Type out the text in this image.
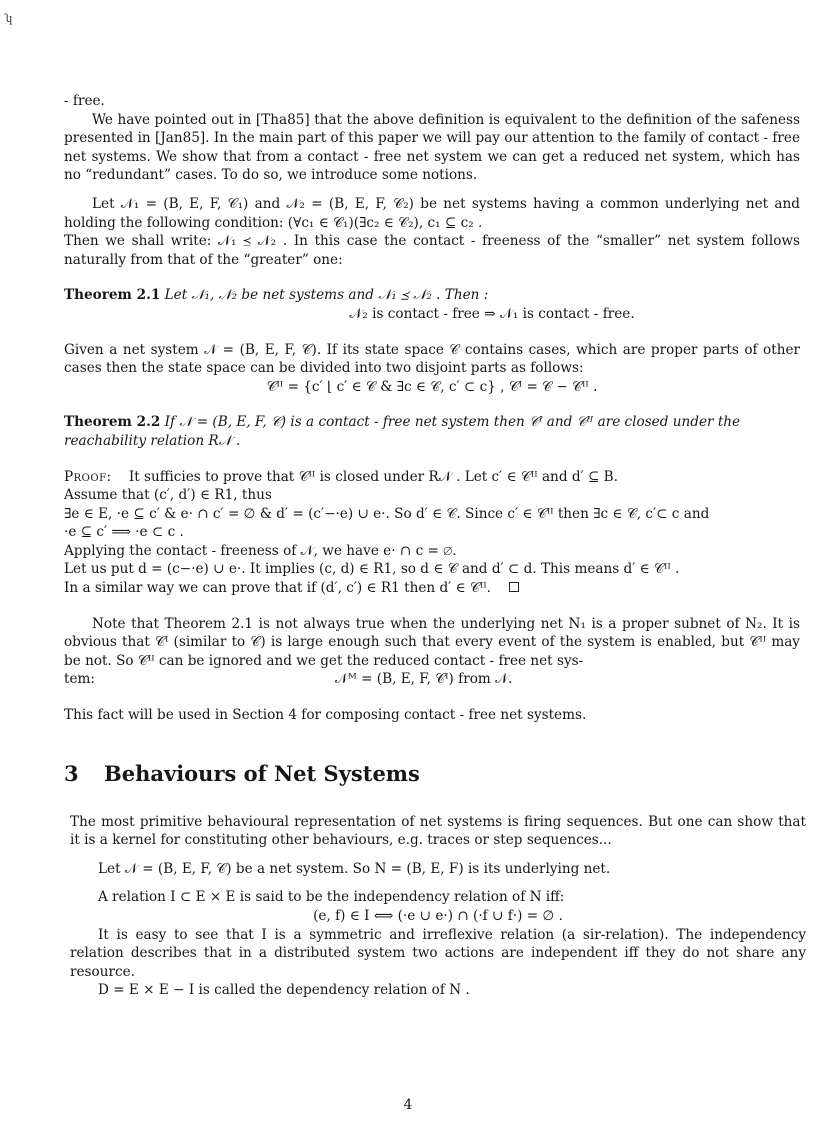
ʮ

- free.

We have pointed out in [Tha85] that the above definition is equivalent to the definition of the safeness presented in [Jan85]. In the main part of this paper we will pay our attention to the family of contact - free net systems. We show that from a contact - free net system we can get a reduced net system, which has no “redundant” cases. To do so, we introduce some notions.

Let 𝒩₁ = (B, E, F, 𝒞₁) and 𝒩₂ = (B, E, F, 𝒞₂) be net systems having a common underlying net and holding the following condition: (∀c₁ ∈ 𝒞₁)(∃c₂ ∈ 𝒞₂), c₁ ⊆ c₂ .

Then we shall write: 𝒩₁ ⪯ 𝒩₂ . In this case the contact - freeness of the “smaller” net system follows naturally from that of the “greater” one:

Theorem 2.1 Let 𝒩₁, 𝒩₂ be net systems and 𝒩₁ ⪯ 𝒩₂ . Then :

𝒩₂ is contact - free ⇒ 𝒩₁ is contact - free.

Given a net system 𝒩 = (B, E, F, 𝒞). If its state space 𝒞 contains cases, which are proper parts of other cases then the state space can be divided into two disjoint parts as follows:

𝒞ᴵᴵ = {c′ ⌊ c′ ∈ 𝒞 & ∃c ∈ 𝒞, c′ ⊂ c} , 𝒞ᴵ = 𝒞 − 𝒞ᴵᴵ .

Theorem 2.2 If 𝒩 = (B, E, F, 𝒞) is a contact - free net system then 𝒞ᴵ and 𝒞ᴵᴵ are closed under the reachability relation R𝒩 .

Proof: It sufficies to prove that 𝒞ᴵᴵ is closed under R𝒩 . Let c′ ∈ 𝒞ᴵᴵ and d′ ⊆ B.

Assume that (c′, d′) ∈ R1, thus

∃e ∈ E, ·e ⊆ c′ & e· ∩ c′ = ∅ & d′ = (c′−·e) ∪ e·. So d′ ∈ 𝒞. Since c′ ∈ 𝒞ᴵᴵ then ∃c ∈ 𝒞, c′⊂ c and

·e ⊆ c′ ⟹ ·e ⊂ c .

Applying the contact - freeness of 𝒩, we have e· ∩ c = ∅.

Let us put d = (c−·e) ∪ e·. It implies (c, d) ∈ R1, so d ∈ 𝒞 and d′ ⊂ d. This means d′ ∈ 𝒞ᴵᴵ .

In a similar way we can prove that if (d′, c′) ∈ R1 then d′ ∈ 𝒞ᴵᴵ.

Note that Theorem 2.1 is not always true when the underlying net N₁ is a proper subnet of N₂. It is obvious that 𝒞ᴵ (similar to 𝒞) is large enough such that every event of the system is enabled, but 𝒞ᴵᴵ may be not. So 𝒞ᴵᴵ can be ignored and we get the reduced contact - free net sys-

tem:	𝒩ᴹ = (B, E, F, 𝒞ᴵ) from 𝒩.

This fact will be used in Section 4 for composing contact - free net systems.

3 Behaviours of Net Systems

The most primitive behavioural representation of net systems is firing sequences. But one can show that it is a kernel for constituting other behaviours, e.g. traces or step sequences...

Let 𝒩 = (B, E, F, 𝒞) be a net system. So N = (B, E, F) is its underlying net.

A relation I ⊂ E × E is said to be the independency relation of N iff:

(e, f) ∈ I ⟺ (·e ∪ e·) ∩ (·f ∪ f·) = ∅ .

It is easy to see that I is a symmetric and irreflexive relation (a sir-relation). The independency relation describes that in a distributed system two actions are independent iff they do not share any resource.

D = E × E − I is called the dependency relation of N .

4
